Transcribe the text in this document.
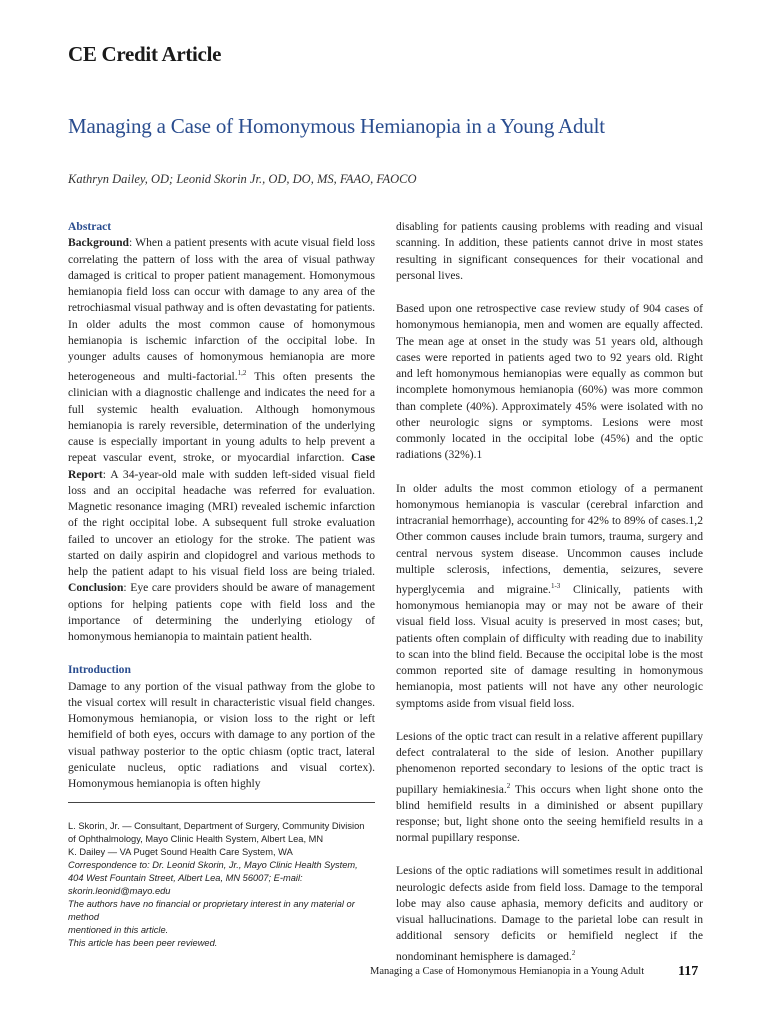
CE Credit Article
Managing a Case of Homonymous Hemianopia in a Young Adult
Kathryn Dailey, OD; Leonid Skorin Jr., OD, DO, MS, FAAO, FAOCO

Abstract
Background: When a patient presents with acute visual field loss correlating the pattern of loss with the area of visual pathway damaged is critical to proper patient management. Homonymous hemianopia field loss can occur with damage to any area of the retrochiasmal visual pathway and is often devastating for patients. In older adults the most common cause of homonymous hemianopia is ischemic infarction of the occipital lobe. In younger adults causes of homonymous hemianopia are more heterogeneous and multi-factorial.$^{1,2}$ This often presents the clinician with a diagnostic challenge and indicates the need for a full systemic health evaluation. Although homonymous hemianopia is rarely reversible, determination of the underlying cause is especially important in young adults to help prevent a repeat vascular event, stroke, or myocardial infarction. Case Report: A 34-year-old male with sudden left-sided visual field loss and an occipital headache was referred for evaluation. Magnetic resonance imaging (MRI) revealed ischemic infarction of the right occipital lobe. A subsequent full stroke evaluation failed to uncover an etiology for the stroke. The patient was started on daily aspirin and clopidogrel and various methods to help the patient adapt to his visual field loss are being trialed. Conclusion: Eye care providers should be aware of management options for helping patients cope with field loss and the importance of determining the underlying etiology of homonymous hemianopia to maintain patient health.

Introduction
Damage to any portion of the visual pathway from the globe to the visual cortex will result in characteristic visual field changes. Homonymous hemianopia, or vision loss to the right or left hemifield of both eyes, occurs with damage to any portion of the visual pathway posterior to the optic chiasm (optic tract, lateral geniculate nucleus, optic radiations and visual cortex). Homonymous hemianopia is often highly

L. Skorin, Jr. — Consultant, Department of Surgery, Community Division
of Ophthalmology, Mayo Clinic Health System, Albert Lea, MN
K. Dailey — VA Puget Sound Health Care System, WA
Correspondence to: Dr. Leonid Skorin, Jr., Mayo Clinic Health System,
404 West Fountain Street, Albert Lea, MN 56007; E-mail:
skorin.leonid@mayo.edu
The authors have no financial or proprietary interest in any material or method
mentioned in this article.
This article has been peer reviewed.

disabling for patients causing problems with reading and visual scanning. In addition, these patients cannot drive in most states resulting in significant consequences for their vocational and personal lives.

Based upon one retrospective case review study of 904 cases of homonymous hemianopia, men and women are equally affected. The mean age at onset in the study was 51 years old, although cases were reported in patients aged two to 92 years old. Right and left homonymous hemianopias were equally as common but incomplete homonymous hemianopia (60%) was more common than complete (40%). Approximately 45% were isolated with no other neurologic signs or symptoms. Lesions were most commonly located in the occipital lobe (45%) and the optic radiations (32%).1

In older adults the most common etiology of a permanent homonymous hemianopia is vascular (cerebral infarction and intracranial hemorrhage), accounting for 42% to 89% of cases.1,2 Other common causes include brain tumors, trauma, surgery and central nervous system disease. Uncommon causes include multiple sclerosis, infections, dementia, seizures, severe hyperglycemia and migraine.$^{1-3}$ Clinically, patients with homonymous hemianopia may or may not be aware of their visual field loss. Visual acuity is preserved in most cases; but, patients often complain of difficulty with reading due to inability to scan into the blind field. Because the occipital lobe is the most common reported site of damage resulting in homonymous hemianopia, most patients will not have any other neurologic symptoms aside from visual field loss.

Lesions of the optic tract can result in a relative afferent pupillary defect contralateral to the side of lesion. Another pupillary phenomenon reported secondary to lesions of the optic tract is pupillary hemiakinesia.$^2$ This occurs when light shone onto the blind hemifield results in a diminished or absent pupillary response; but, light shone onto the seeing hemifield results in a normal pupillary response.

Lesions of the optic radiations will sometimes result in additional neurologic defects aside from field loss. Damage to the temporal lobe may also cause aphasia, memory deficits and auditory or visual hallucinations. Damage to the parietal lobe can result in additional sensory deficits or hemifield neglect if the nondominant hemisphere is damaged.$^2$

Managing a Case of Homonymous Hemianopia in a Young Adult 117
